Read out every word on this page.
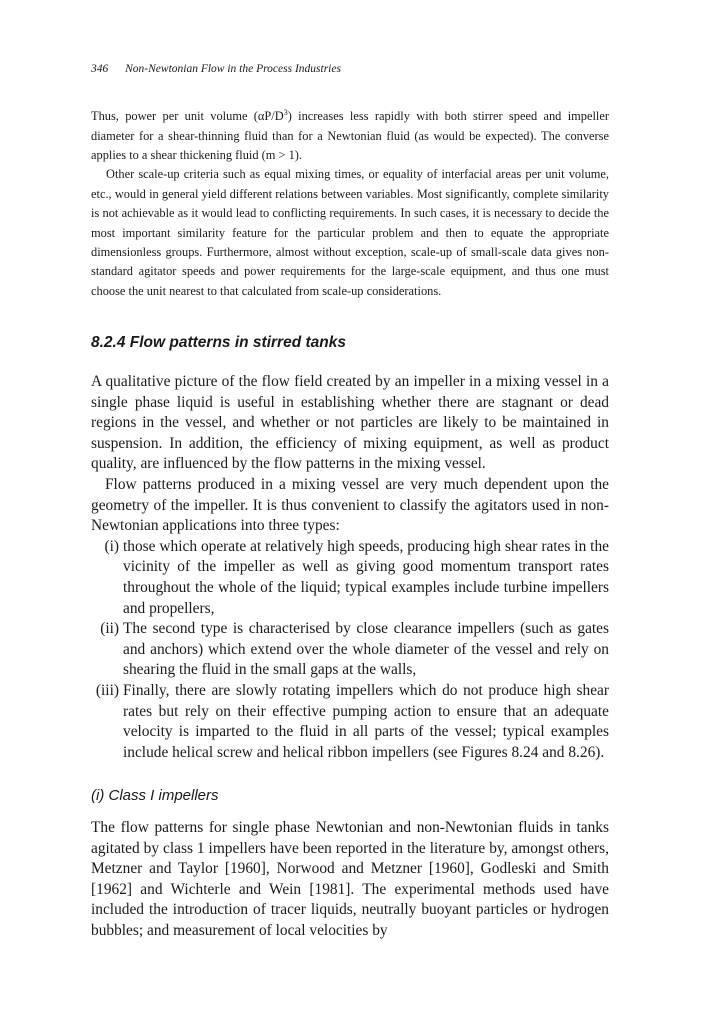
346 Non-Newtonian Flow in the Process Industries

Thus, power per unit volume $(\alpha P/D^3)$ increases less rapidly with both stirrer speed and impeller diameter for a shear-thinning fluid than for a Newtonian fluid (as would be expected). The converse applies to a shear thickening fluid (m > 1).

Other scale-up criteria such as equal mixing times, or equality of interfacial areas per unit volume, etc., would in general yield different relations between variables. Most significantly, complete similarity is not achievable as it would lead to conflicting requirements. In such cases, it is necessary to decide the most important similarity feature for the particular problem and then to equate the appropriate dimensionless groups. Furthermore, almost without exception, scale-up of small-scale data gives non-standard agitator speeds and power requirements for the large-scale equipment, and thus one must choose the unit nearest to that calculated from scale-up considerations.

8.2.4 Flow patterns in stirred tanks

A qualitative picture of the flow field created by an impeller in a mixing vessel in a single phase liquid is useful in establishing whether there are stagnant or dead regions in the vessel, and whether or not particles are likely to be maintained in suspension. In addition, the efficiency of mixing equipment, as well as product quality, are influenced by the flow patterns in the mixing vessel.

Flow patterns produced in a mixing vessel are very much dependent upon the geometry of the impeller. It is thus convenient to classify the agitators used in non-Newtonian applications into three types:

(i) those which operate at relatively high speeds, producing high shear rates in the vicinity of the impeller as well as giving good momentum transport rates throughout the whole of the liquid; typical examples include turbine impellers and propellers,
(ii) The second type is characterised by close clearance impellers (such as gates and anchors) which extend over the whole diameter of the vessel and rely on shearing the fluid in the small gaps at the walls,
(iii) Finally, there are slowly rotating impellers which do not produce high shear rates but rely on their effective pumping action to ensure that an adequate velocity is imparted to the fluid in all parts of the vessel; typical examples include helical screw and helical ribbon impellers (see Figures 8.24 and 8.26).
(i) Class I impellers

The flow patterns for single phase Newtonian and non-Newtonian fluids in tanks agitated by class 1 impellers have been reported in the literature by, amongst others, Metzner and Taylor [1960], Norwood and Metzner [1960], Godleski and Smith [1962] and Wichterle and Wein [1981]. The experimental methods used have included the introduction of tracer liquids, neutrally buoyant particles or hydrogen bubbles; and measurement of local velocities by
